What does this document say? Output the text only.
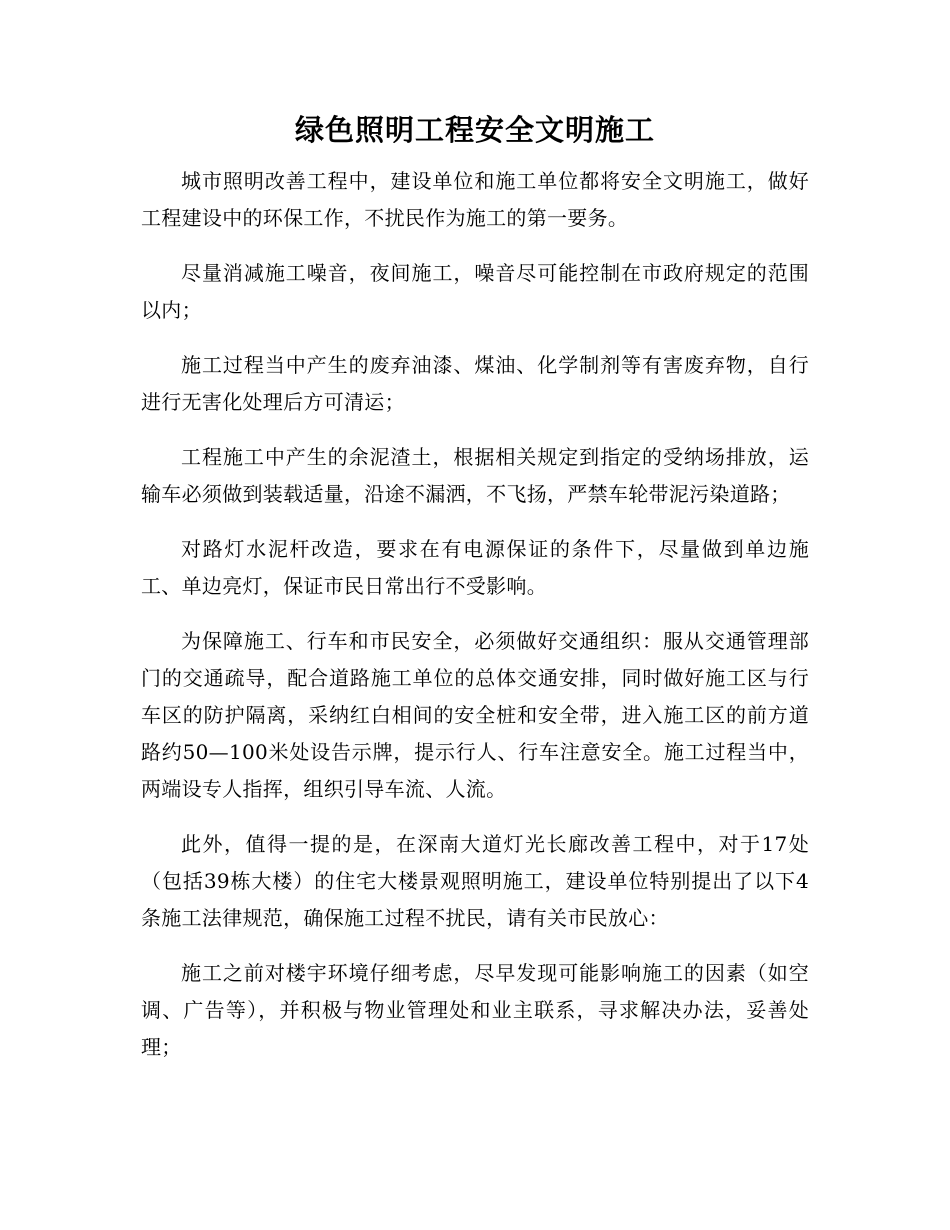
绿色照明工程安全文明施工

城市照明改善工程中，建设单位和施工单位都将安全文明施工，做好工程建设中的环保工作，不扰民作为施工的第一要务。

尽量消减施工噪音，夜间施工，噪音尽可能控制在市政府规定的范围以内；

施工过程当中产生的废弃油漆、煤油、化学制剂等有害废弃物，自行进行无害化处理后方可清运；

工程施工中产生的余泥渣土，根据相关规定到指定的受纳场排放，运输车必须做到装载适量，沿途不漏洒，不飞扬，严禁车轮带泥污染道路；

对路灯水泥杆改造，要求在有电源保证的条件下，尽量做到单边施工、单边亮灯，保证市民日常出行不受影响。

为保障施工、行车和市民安全，必须做好交通组织：服从交通管理部门的交通疏导，配合道路施工单位的总体交通安排，同时做好施工区与行车区的防护隔离，采纳红白相间的安全桩和安全带，进入施工区的前方道路约50—100米处设告示牌，提示行人、行车注意安全。施工过程当中，两端设专人指挥，组织引导车流、人流。

此外，值得一提的是，在深南大道灯光长廊改善工程中，对于17处（包括39栋大楼）的住宅大楼景观照明施工，建设单位特别提出了以下4条施工法律规范，确保施工过程不扰民，请有关市民放心：

施工之前对楼宇环境仔细考虑，尽早发现可能影响施工的因素（如空调、广告等），并积极与物业管理处和业主联系，寻求解决办法，妥善处理；
